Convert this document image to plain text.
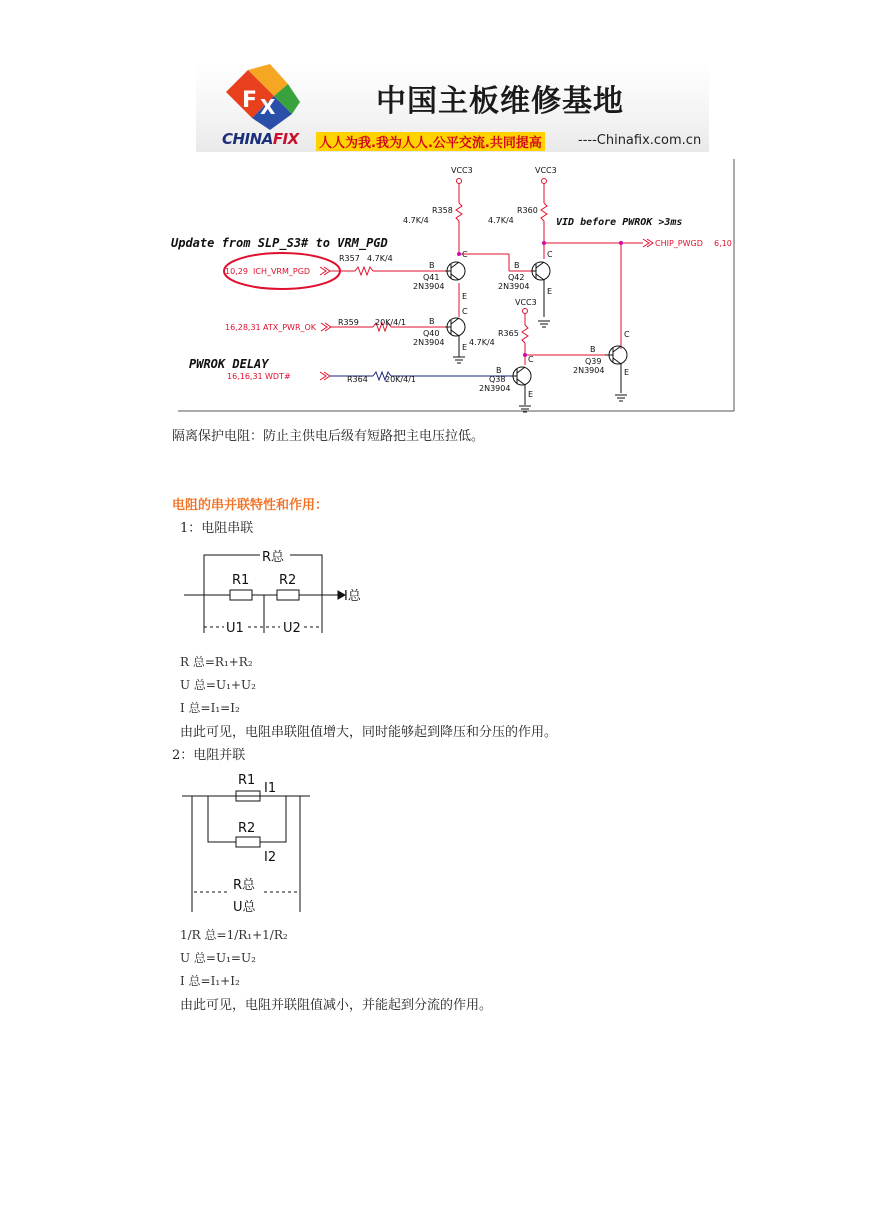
F X	中国主板维修基地
CHINAFIX 人人为我.我为人人.公平交流.共同提高	----Chinafix.com.cn
Update from SLP_S3# to VRM_PGD
VID before PWROK >3ms
PWROK DELAY
VCC3	VCC3
VCC3
R358
4.7K/4
R360
4.7K/4
R357 4.7K/4
R359 20K/4/1
R365
4.7K/4
R364 20K/4/1
Q41
2N3904
Q42
2N3904
Q40
2N3904
Q39
2N3904
Q38
2N3904
B	B
B
B
B
C	C
C
C
C
E
E
E
E
E
10,29 ICH_VRM_PGD
16,28,31 ATX_PWR_OK
16,16,31 WDT#
CHIP_PWGD 6,10
隔离保护电阻：防止主供电后级有短路把主电压拉低。
电阻的串并联特性和作用：
1：电阻串联
R总
R1 R2
I总
U1	U2
R 总=R₁+R₂
U 总=U₁+U₂
I 总=I₁=I₂
由此可见，电阻串联阻值增大，同时能够起到降压和分压的作用。
2：电阻并联
R1
I1
R2
I2
R总
U总
1/R 总=1/R₁+1/R₂
U 总=U₁=U₂
I 总=I₁+I₂
由此可见，电阻并联阻值减小，并能起到分流的作用。
